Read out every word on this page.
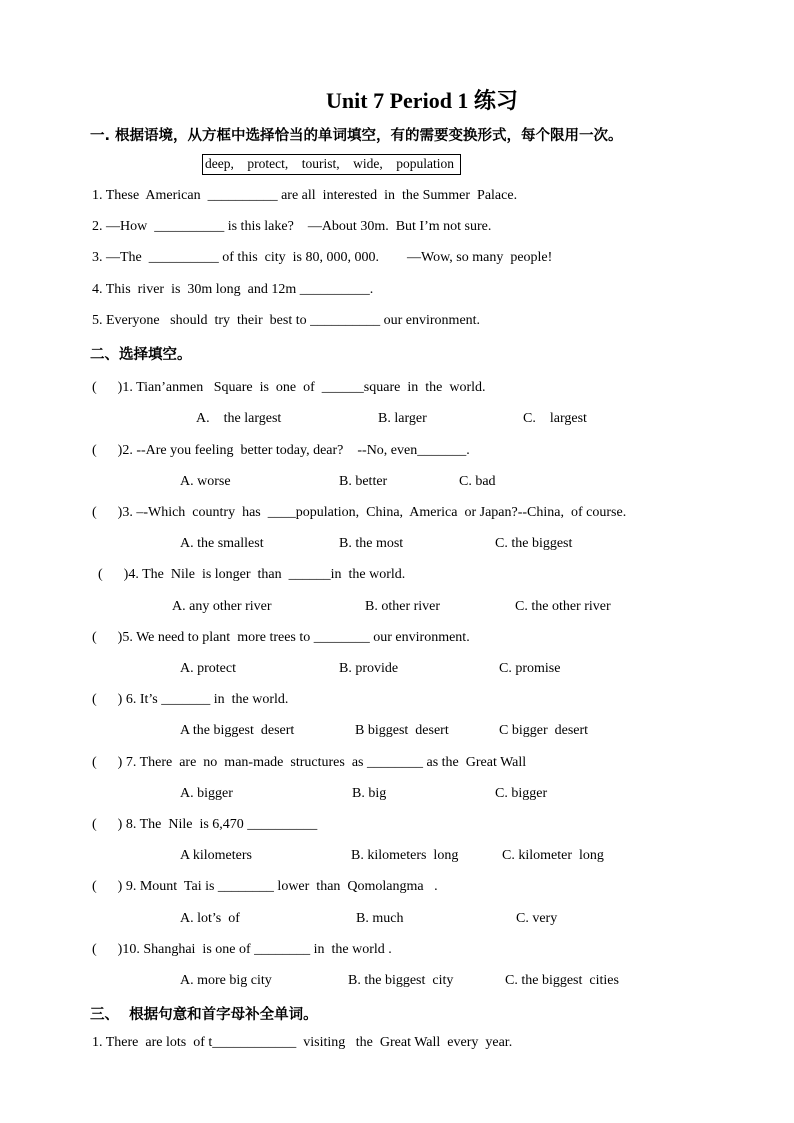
Unit 7 Period 1 练习
一. 根据语境，从方框中选择恰当的单词填空，有的需要变换形式，每个限用一次。
deep,    protect,    tourist,    wide,    population
1. These  American  __________ are all  interested  in  the Summer  Palace.
2. —How  __________ is this lake?    —About 30m.  But I’m not sure.
3. —The  __________ of this  city  is 80, 000, 000.        —Wow, so many  people!
4. This  river  is  30m long  and 12m __________.
5. Everyone   should  try  their  best to __________ our environment.
二、选择填空。
(      )1. Tian’anmen   Square  is  one  of  ______square  in  the  world.
A.    the largest	B. larger	C.    largest
(      )2. --Are you feeling  better today, dear?    --No, even_______.
A. worse	B. better	C. bad
(      )3. –-Which  country  has  ____population,  China,  America  or Japan?--China,  of course.
A. the smallest	B. the most	C. the biggest
(      )4. The  Nile  is longer  than  ______in  the world.
A. any other river	B. other river	C. the other river
(      )5. We need to plant  more trees to ________ our environment.
A. protect	B. provide	C. promise
(      ) 6. It’s _______ in  the world.
A the biggest  desert	B biggest  desert	C bigger  desert
(      ) 7. There  are  no  man-made  structures  as ________ as the  Great Wall
A. bigger	B. big	C. bigger
(      ) 8. The  Nile  is 6,470 __________
A kilometers	B. kilometers  long	C. kilometer  long
(      ) 9. Mount  Tai is ________ lower  than  Qomolangma   .
A. lot’s  of	B. much	C. very
(      )10. Shanghai  is one of ________ in  the world .
A. more big city	B. the biggest  city	C. the biggest  cities
三、  根据句意和首字母补全单词。
1. There  are lots  of t____________  visiting   the  Great Wall  every  year.
